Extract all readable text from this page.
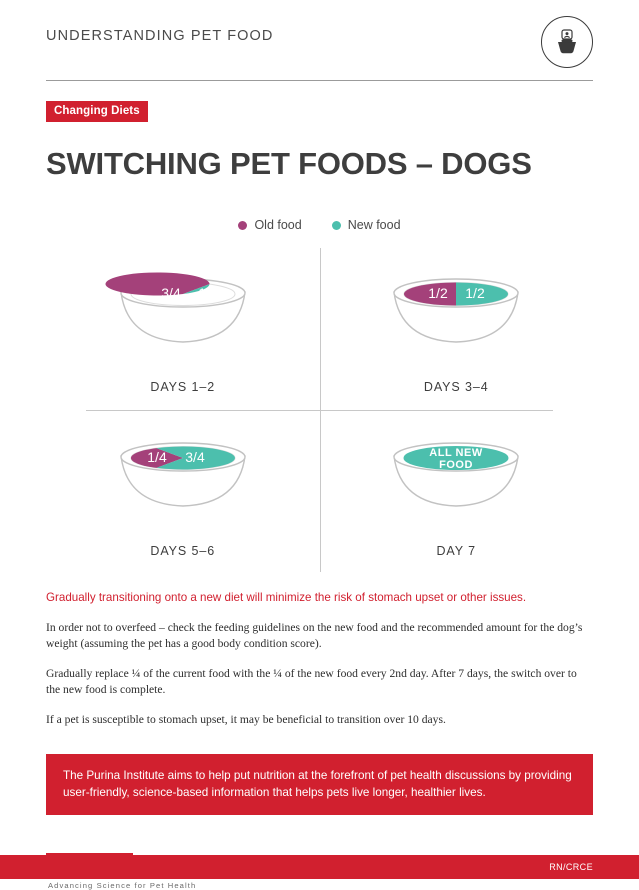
UNDERSTANDING PET FOOD
Changing Diets
SWITCHING PET FOODS – DOGS
Old food	New food
3/4 1/4
DAYS 1–2
1/2 1/2
DAYS 3–4
1/4 3/4
DAYS 5–6
ALL NEW
FOOD
DAY 7
Gradually transitioning onto a new diet will minimize the risk of stomach upset or other issues.
In order not to overfeed – check the feeding guidelines on the new food and the recommended amount for the dog’s weight (assuming the pet has a good body condition score).
Gradually replace ¼ of the current food with the ¼ of the new food every 2nd day. After 7 days, the switch over to the new food is complete.
If a pet is susceptible to stomach upset, it may be beneficial to transition over 10 days.
The Purina Institute aims to help put nutrition at the forefront of pet health discussions by providing user-friendly, science-based information that helps pets live longer, healthier lives.
Advancing Science for Pet Health
RN/CRCE
